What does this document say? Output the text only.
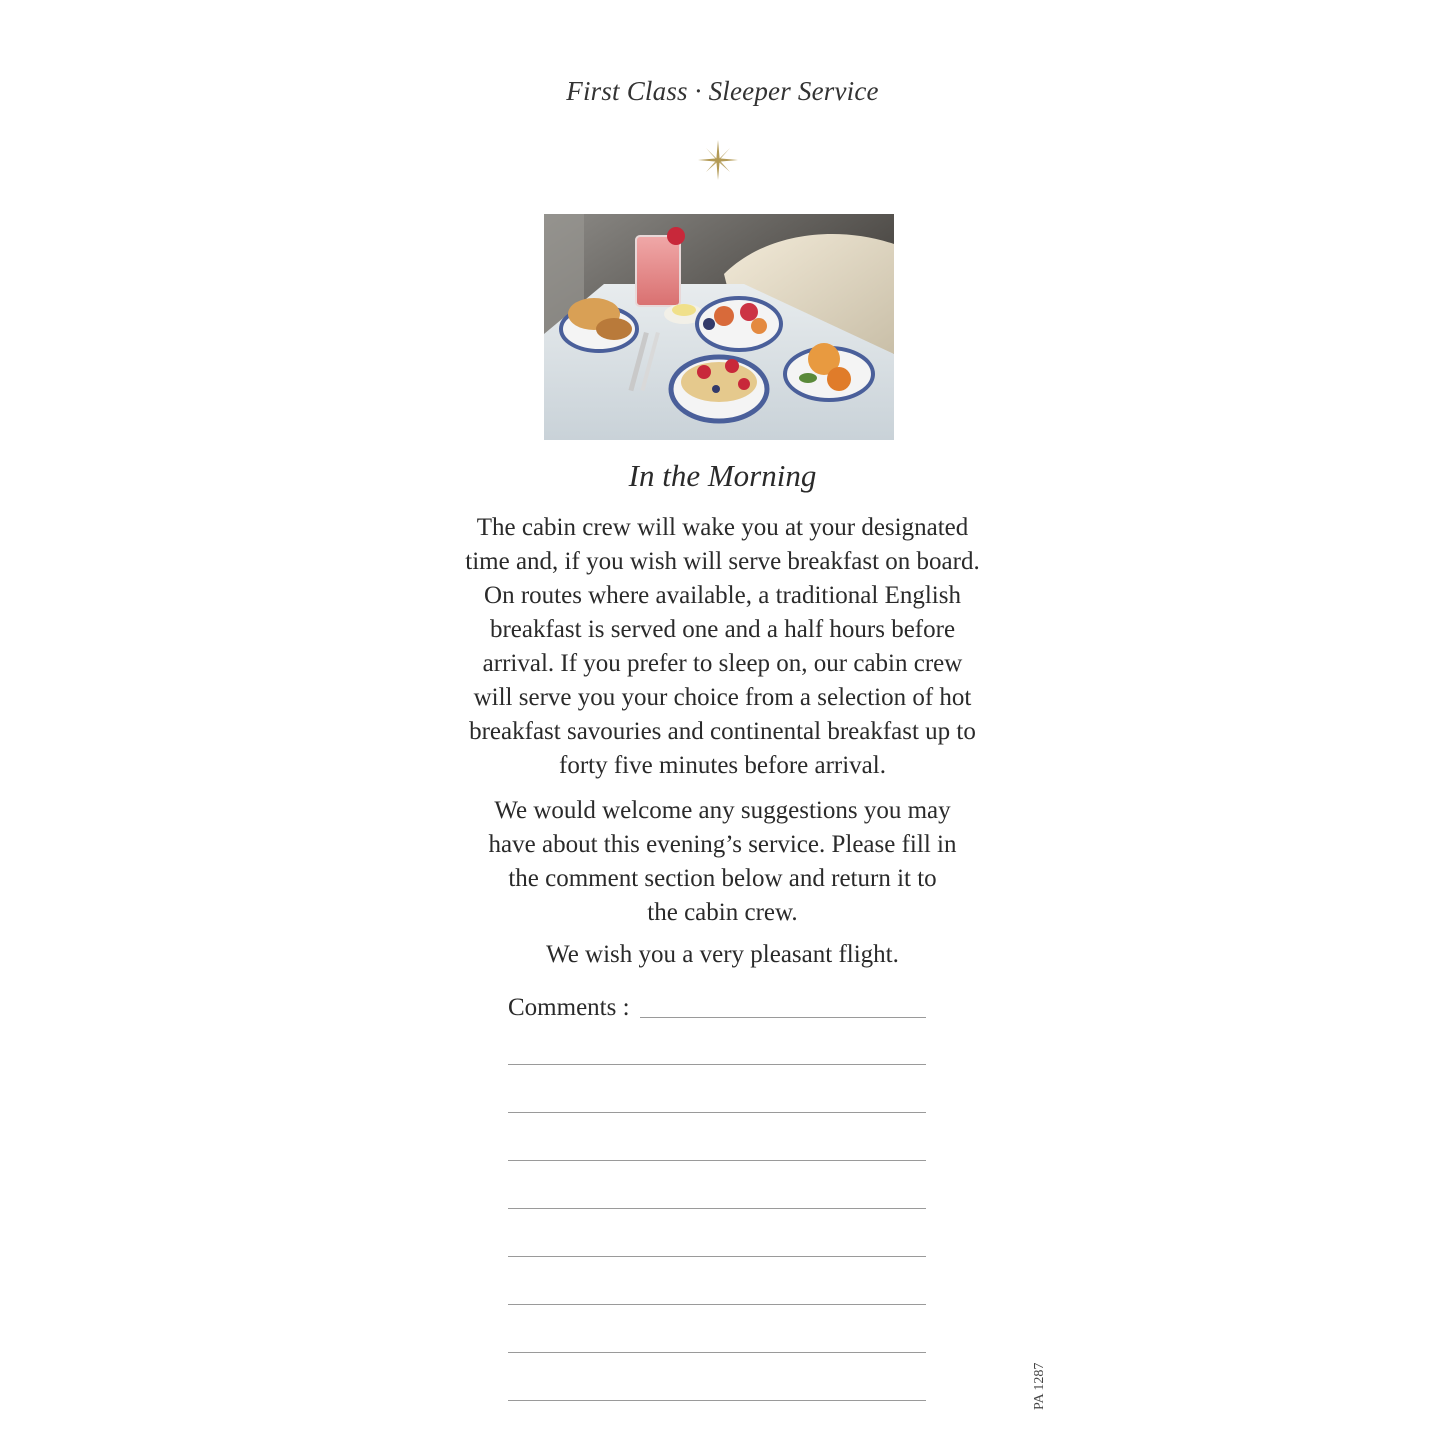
First Class · Sleeper Service
In the Morning
The cabin crew will wake you at your designated
time and, if you wish will serve breakfast on board.
On routes where available, a traditional English
breakfast is served one and a half hours before
arrival. If you prefer to sleep on, our cabin crew
will serve you your choice from a selection of hot
breakfast savouries and continental breakfast up to
forty five minutes before arrival.
We would welcome any suggestions you may
have about this evening’s service. Please fill in
the comment section below and return it to
the cabin crew.
We wish you a very pleasant flight.
Comments :
PA 1287
